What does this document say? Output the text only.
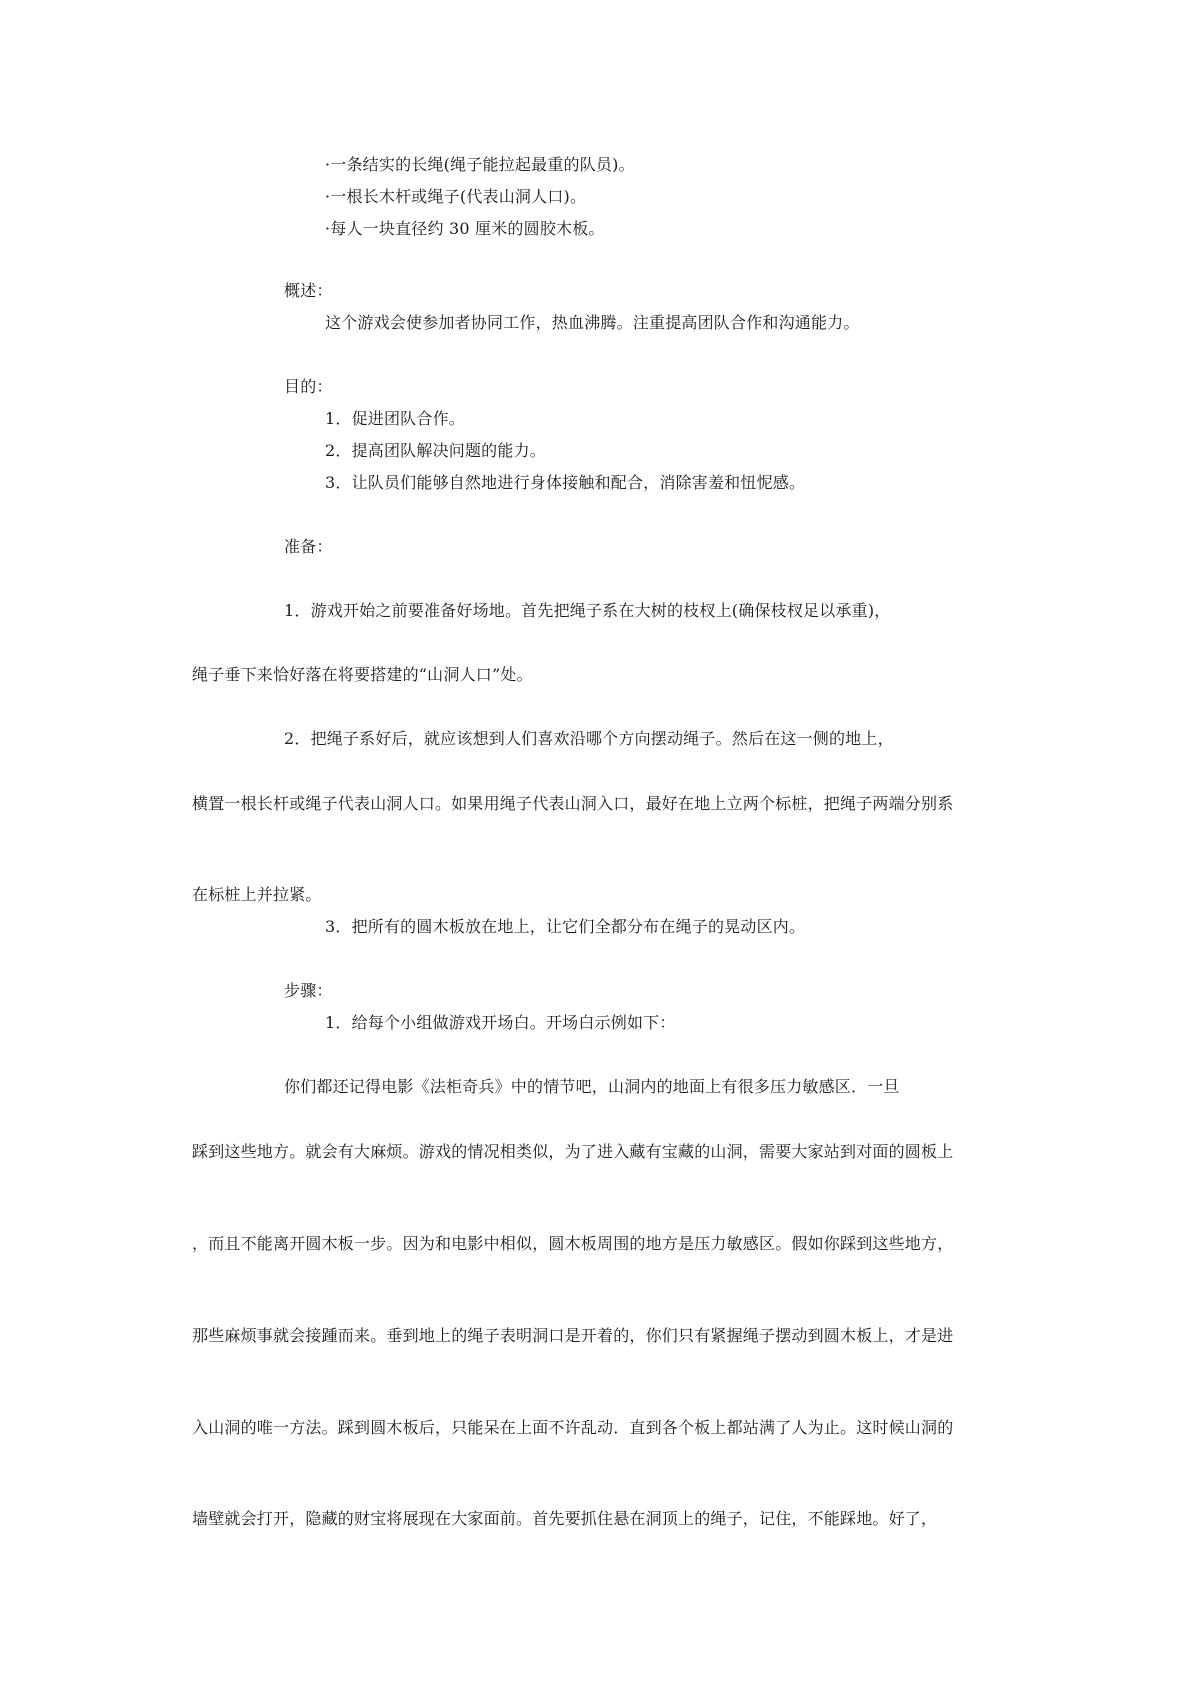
·一条结实的长绳(绳子能拉起最重的队员)。
·一根长木杆或绳子(代表山洞人口)。
·每人一块直径约 30 厘米的圆胶木板。
概述：
这个游戏会使参加者协同工作，热血沸腾。注重提高团队合作和沟通能力。
目的：
1．促进团队合作。
2．提高团队解决问题的能力。
3．让队员们能够自然地进行身体接触和配合，消除害羞和忸怩感。
准备：
1．游戏开始之前要准备好场地。首先把绳子系在大树的枝杈上(确保枝杈足以承重)，
绳子垂下来恰好落在将要搭建的“山洞人口”处。
2．把绳子系好后，就应该想到人们喜欢沿哪个方向摆动绳子。然后在这一侧的地上，
横置一根长杆或绳子代表山洞人口。如果用绳子代表山洞入口，最好在地上立两个标桩，把绳子两端分别系
在标桩上并拉紧。
3．把所有的圆木板放在地上，让它们全都分布在绳子的晃动区内。
步骤：
1．给每个小组做游戏开场白。开场白示例如下：
你们都还记得电影《法柜奇兵》中的情节吧，山洞内的地面上有很多压力敏感区．一旦
踩到这些地方。就会有大麻烦。游戏的情况相类似，为了进入藏有宝藏的山洞，需要大家站到对面的圆板上
，而且不能离开圆木板一步。因为和电影中相似，圆木板周围的地方是压力敏感区。假如你踩到这些地方，
那些麻烦事就会接踵而来。垂到地上的绳子表明洞口是开着的，你们只有紧握绳子摆动到圆木板上，才是进
入山洞的唯一方法。踩到圆木板后，只能呆在上面不许乱动．直到各个板上都站满了人为止。这时候山洞的
墙壁就会打开，隐藏的财宝将展现在大家面前。首先要抓住悬在洞顶上的绳子，记住，不能踩地。好了，
